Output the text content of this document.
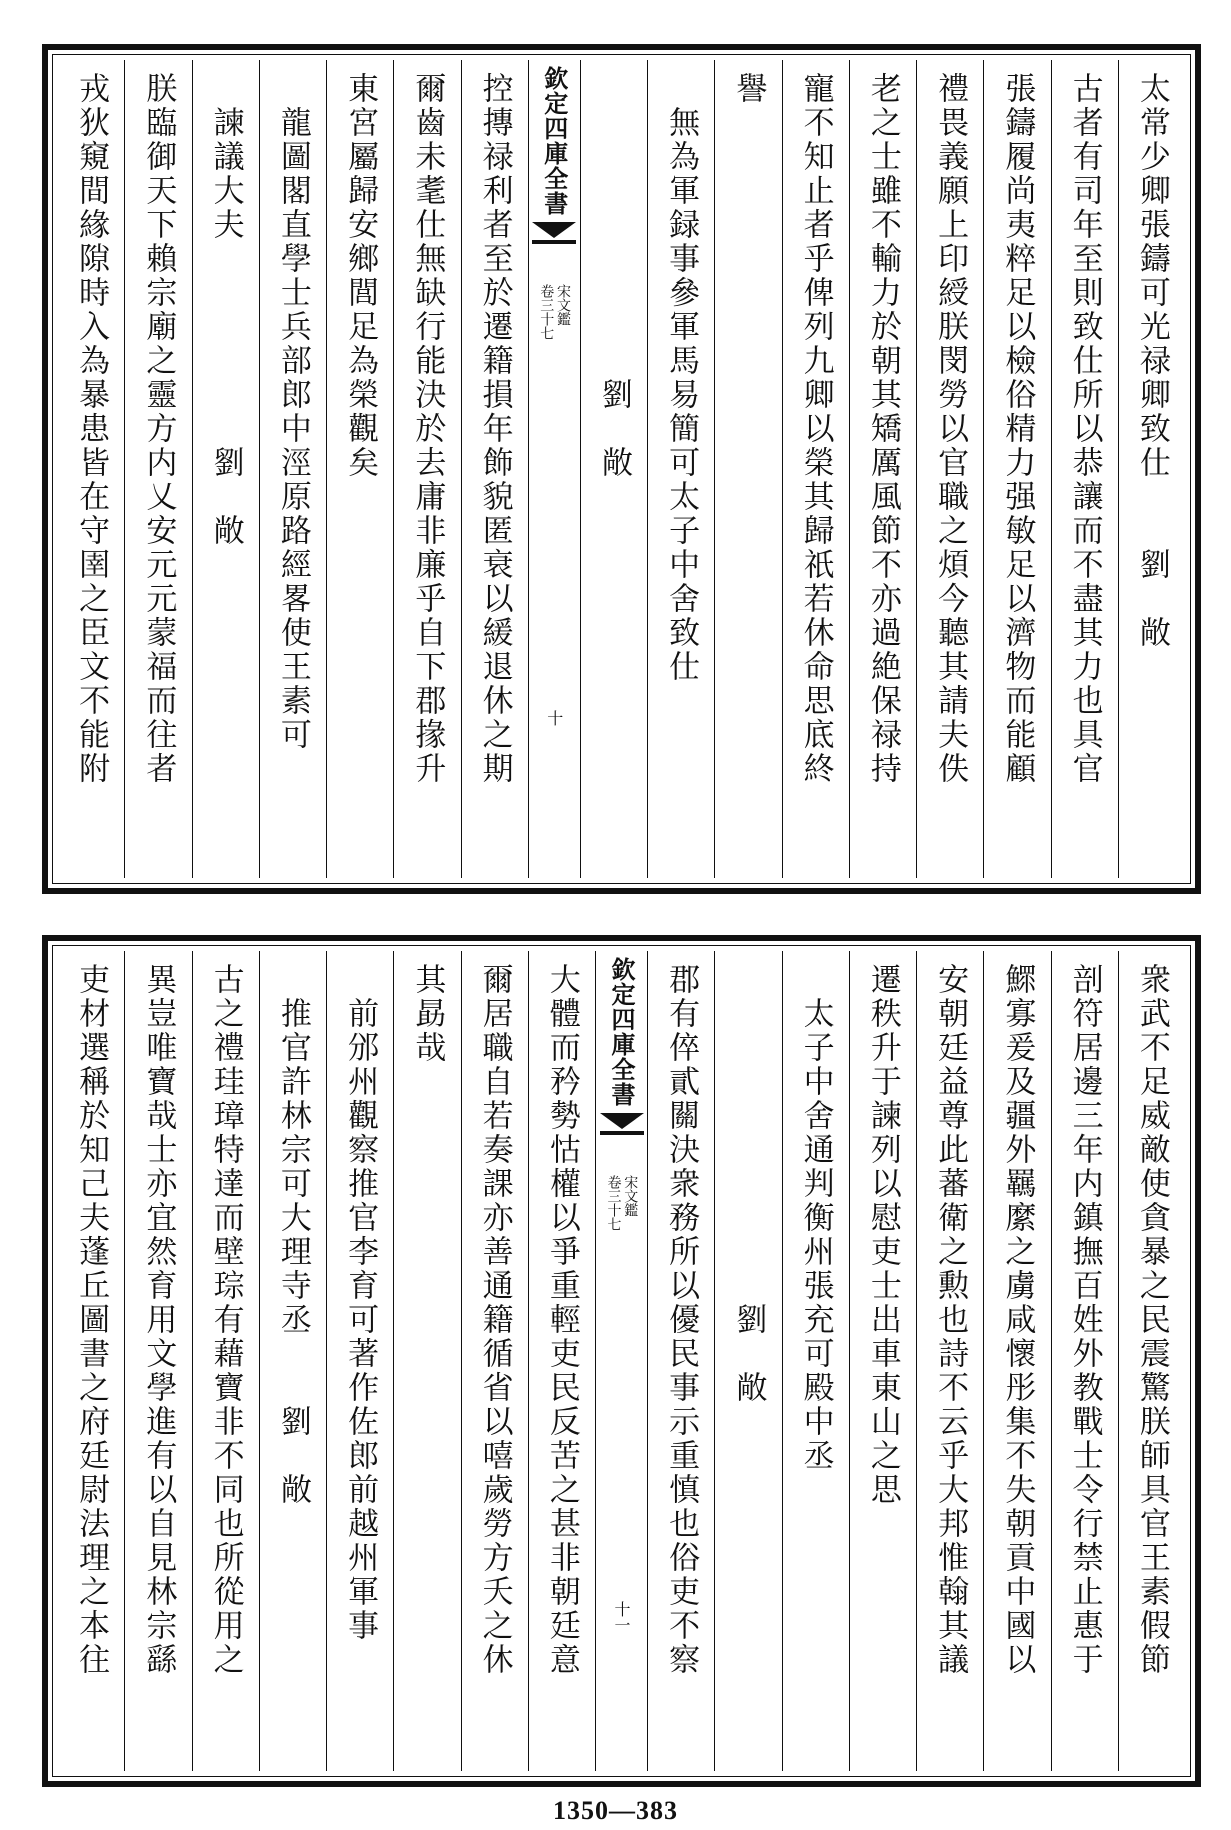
太常少卿張鑄可光禄卿致仕　　劉　敞
古者有司年至則致仕所以恭讓而不盡其力也具官
張鑄履尚夷粹足以檢俗精力强敏足以濟物而能顧
禮畏義願上印綬朕閔勞以官職之煩今聽其請夫佚
老之士雖不輸力於朝其矯厲風節不亦過絶保禄持
寵不知止者乎俾列九卿以榮其歸祇若休命思底終
譽
　無為軍録事參軍馬易簡可太子中舍致仕
　　　　　　　　　劉　敞
欽定四庫全書
宋文鑑
卷三十七
十
控摶禄利者至於遷籍損年飾貌匿衰以緩退休之期
爾齒未耄仕無缺行能決於去庸非廉乎自下郡掾升
東宮屬歸安鄉閭足為榮觀矣
　龍圖閣直學士兵部郎中涇原路經畧使王素可
　諫議大夫　　　　　　劉　敞
朕臨御天下賴宗廟之靈方内乂安元元蒙福而往者
戎狄窺間緣隙時入為暴患皆在守圉之臣文不能附
衆武不足威敵使貪暴之民震驚朕師具官王素假節
剖符居邊三年内鎮撫百姓外教戰士令行禁止惠于
鰥寡爰及疆外羈縻之虜咸懷彤集不失朝貢中國以
安朝廷益尊此蕃衛之勲也詩不云乎大邦惟翰其議
遷秩升于諫列以慰吏士出車東山之思
　太子中舍通判衡州張充可殿中丞
　　　　　　　　　　劉　敞
郡有倅貳關決衆務所以優民事示重慎也俗吏不察
欽定四庫全書
宋文鑑
卷三十七
十一
大體而矜勢怙權以爭重輕吏民反苦之甚非朝廷意
爾居職自若奏課亦善通籍循省以嘻歲勞方夭之休
其勗哉
　前邠州觀察推官李育可著作佐郎前越州軍事
　推官許林宗可大理寺丞　　劉　敞
古之禮珪璋特達而壁琮有藉寶非不同也所從用之
異豈唯寶哉士亦宜然育用文學進有以自見林宗繇
吏材選稱於知己夫蓬丘圖書之府廷尉法理之本往
1350—383
